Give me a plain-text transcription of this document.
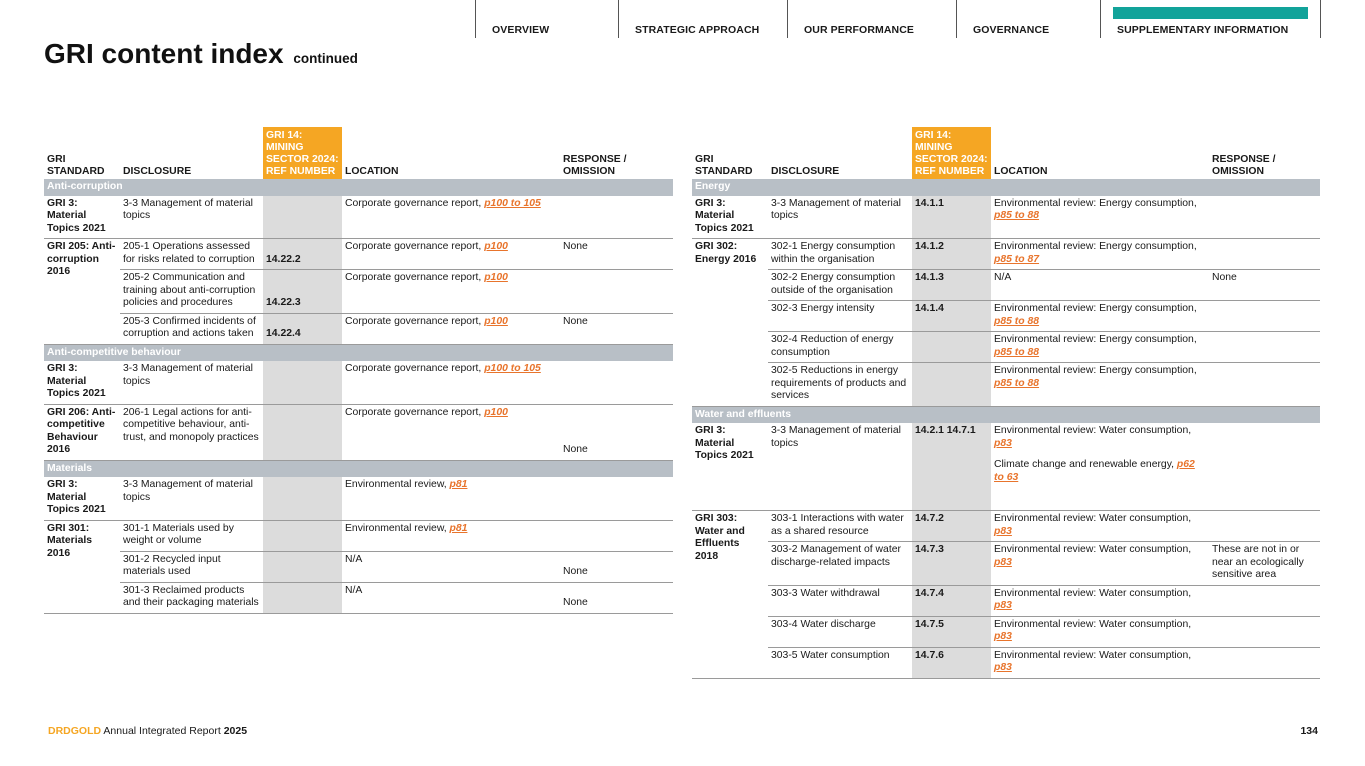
OVERVIEW	STRATEGIC APPROACH	OUR PERFORMANCE	GOVERNANCE	SUPPLEMENTARY INFORMATION
GRI content index continued
GRI STANDARD	DISCLOSURE	GRI 14: MINING SECTOR 2024: REF NUMBER	LOCATION	RESPONSE / OMISSION
Anti-corruption				
GRI 3: Material Topics 2021	3-3 Management of material topics		Corporate governance report, p100 to 105	
GRI 205: Anti-corruption 2016	205-1 Operations assessed for risks related to corruption	14.22.2	Corporate governance report, p100	None
	205-2 Communication and training about anti-corruption policies and procedures	14.22.3	Corporate governance report, p100	
	205-3 Confirmed incidents of corruption and actions taken	14.22.4	Corporate governance report, p100	None
Anti-competitive behaviour				
GRI 3: Material Topics 2021	3-3 Management of material topics		Corporate governance report, p100 to 105	
GRI 206: Anti-competitive Behaviour 2016	206-1 Legal actions for anti-competitive behaviour, anti-trust, and monopoly practices		Corporate governance report, p100	None
Materials				
GRI 3: Material Topics 2021	3-3 Management of material topics		Environmental review, p81	
GRI 301: Materials 2016	301-1 Materials used by weight or volume		Environmental review, p81	
	301-2 Recycled input materials used		N/A	None
	301-3 Reclaimed products and their packaging materials		N/A	None
GRI STANDARD	DISCLOSURE	GRI 14: MINING SECTOR 2024: REF NUMBER	LOCATION	RESPONSE / OMISSION
Energy				
GRI 3: Material Topics 2021	3-3 Management of material topics	14.1.1	Environmental review: Energy consumption, p85 to 88	
GRI 302: Energy 2016	302-1 Energy consumption within the organisation	14.1.2	Environmental review: Energy consumption, p85 to 87	
	302-2 Energy consumption outside of the organisation	14.1.3	N/A	None
	302-3 Energy intensity	14.1.4	Environmental review: Energy consumption, p85 to 88	
	302-4 Reduction of energy consumption		Environmental review: Energy consumption, p85 to 88	
	302-5 Reductions in energy requirements of products and services		Environmental review: Energy consumption, p85 to 88	
Water and effluents				
GRI 3: Material Topics 2021	3-3 Management of material topics	14.2.1 14.7.1	Environmental review: Water consumption, p83
Climate change and renewable energy, p62 to 63	

GRI 303: Water and Effluents 2018	303-1 Interactions with water as a shared resource	14.7.2	Environmental review: Water consumption, p83	
	303-2 Management of water discharge-related impacts	14.7.3	Environmental review: Water consumption, p83	These are not in or near an ecologically sensitive area
	303-3 Water withdrawal	14.7.4	Environmental review: Water consumption, p83	
	303-4 Water discharge	14.7.5	Environmental review: Water consumption, p83	
	303-5 Water consumption	14.7.6	Environmental review: Water consumption, p83	
DRDGOLD Annual Integrated Report 2025	134
